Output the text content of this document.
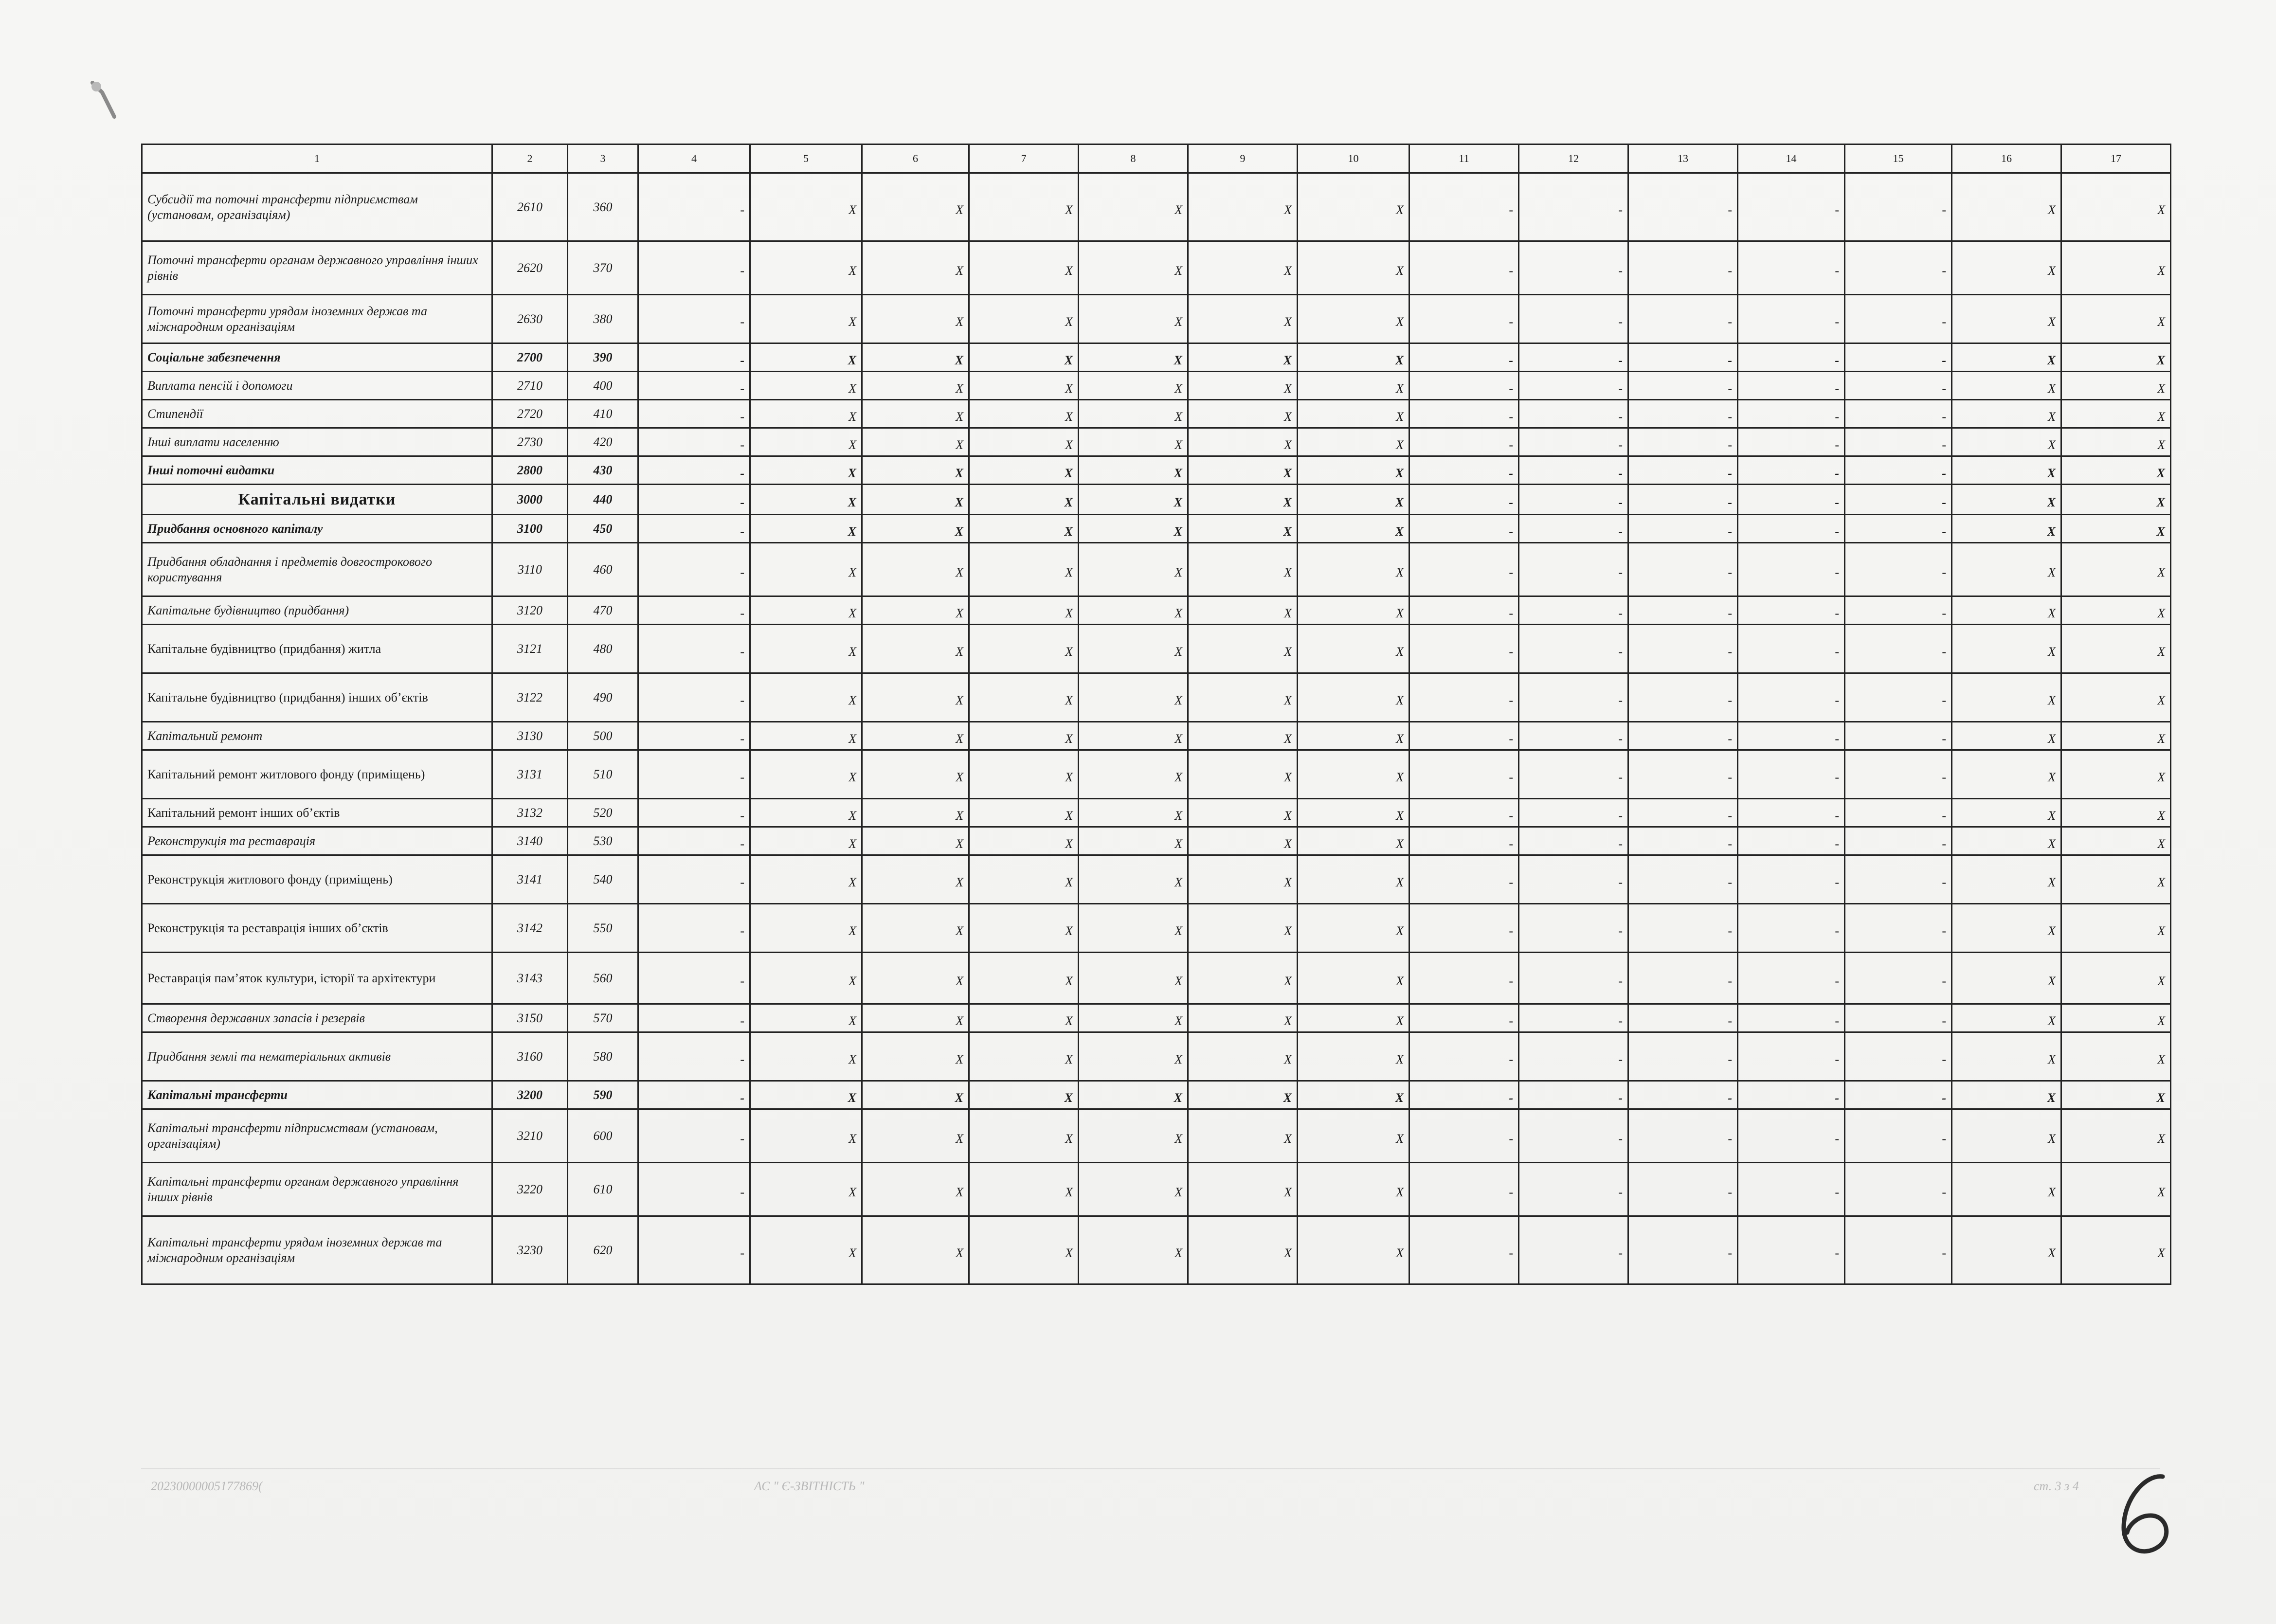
1	2	3	4	5	6	7	8	9	10	11	12	13	14	15	16	17
Субсидії та поточні трансферти підприємствам (установам, організаціям)	2610	360	-	X	X	X	X	X	X	-	-	-	-	-	X	X
Поточні трансферти органам державного управління інших рівнів	2620	370	-	X	X	X	X	X	X	-	-	-	-	-	X	X
Поточні трансферти урядам іноземних держав та міжнародним організаціям	2630	380	-	X	X	X	X	X	X	-	-	-	-	-	X	X
Соціальне забезпечення	2700	390	-	X	X	X	X	X	X	-	-	-	-	-	X	X
Виплата пенсій і допомоги	2710	400	-	X	X	X	X	X	X	-	-	-	-	-	X	X
Стипендії	2720	410	-	X	X	X	X	X	X	-	-	-	-	-	X	X
Інші виплати населенню	2730	420	-	X	X	X	X	X	X	-	-	-	-	-	X	X
Інші поточні видатки	2800	430	-	X	X	X	X	X	X	-	-	-	-	-	X	X
Капітальні видатки	3000	440	-	X	X	X	X	X	X	-	-	-	-	-	X	X
Придбання основного капіталу	3100	450	-	X	X	X	X	X	X	-	-	-	-	-	X	X
Придбання обладнання і предметів довгострокового користування	3110	460	-	X	X	X	X	X	X	-	-	-	-	-	X	X
Капітальне будівництво (придбання)	3120	470	-	X	X	X	X	X	X	-	-	-	-	-	X	X
Капітальне будівництво (придбання) житла	3121	480	-	X	X	X	X	X	X	-	-	-	-	-	X	X
Капітальне будівництво (придбання) інших об’єктів	3122	490	-	X	X	X	X	X	X	-	-	-	-	-	X	X
Капітальний ремонт	3130	500	-	X	X	X	X	X	X	-	-	-	-	-	X	X
Капітальний ремонт житлового фонду (приміщень)	3131	510	-	X	X	X	X	X	X	-	-	-	-	-	X	X
Капітальний ремонт інших об’єктів	3132	520	-	X	X	X	X	X	X	-	-	-	-	-	X	X
Реконструкція та реставрація	3140	530	-	X	X	X	X	X	X	-	-	-	-	-	X	X
Реконструкція житлового фонду (приміщень)	3141	540	-	X	X	X	X	X	X	-	-	-	-	-	X	X
Реконструкція та реставрація інших об’єктів	3142	550	-	X	X	X	X	X	X	-	-	-	-	-	X	X
Реставрація пам’яток культури, історії та архітектури	3143	560	-	X	X	X	X	X	X	-	-	-	-	-	X	X
Створення державних запасів і резервів	3150	570	-	X	X	X	X	X	X	-	-	-	-	-	X	X
Придбання землі та нематеріальних активів	3160	580	-	X	X	X	X	X	X	-	-	-	-	-	X	X
Капітальні трансферти	3200	590	-	X	X	X	X	X	X	-	-	-	-	-	X	X
Капітальні трансферти підприємствам (установам, організаціям)	3210	600	-	X	X	X	X	X	X	-	-	-	-	-	X	X
Капітальні трансферти органам державного управління інших рівнів	3220	610	-	X	X	X	X	X	X	-	-	-	-	-	X	X
Капітальні трансферти урядам іноземних держав та міжнародним організаціям	3230	620	-	X	X	X	X	X	X	-	-	-	-	-	X	X
20230000005177869(	АС " Є-ЗВІТНІСТЬ "	ст. 3 з 4
